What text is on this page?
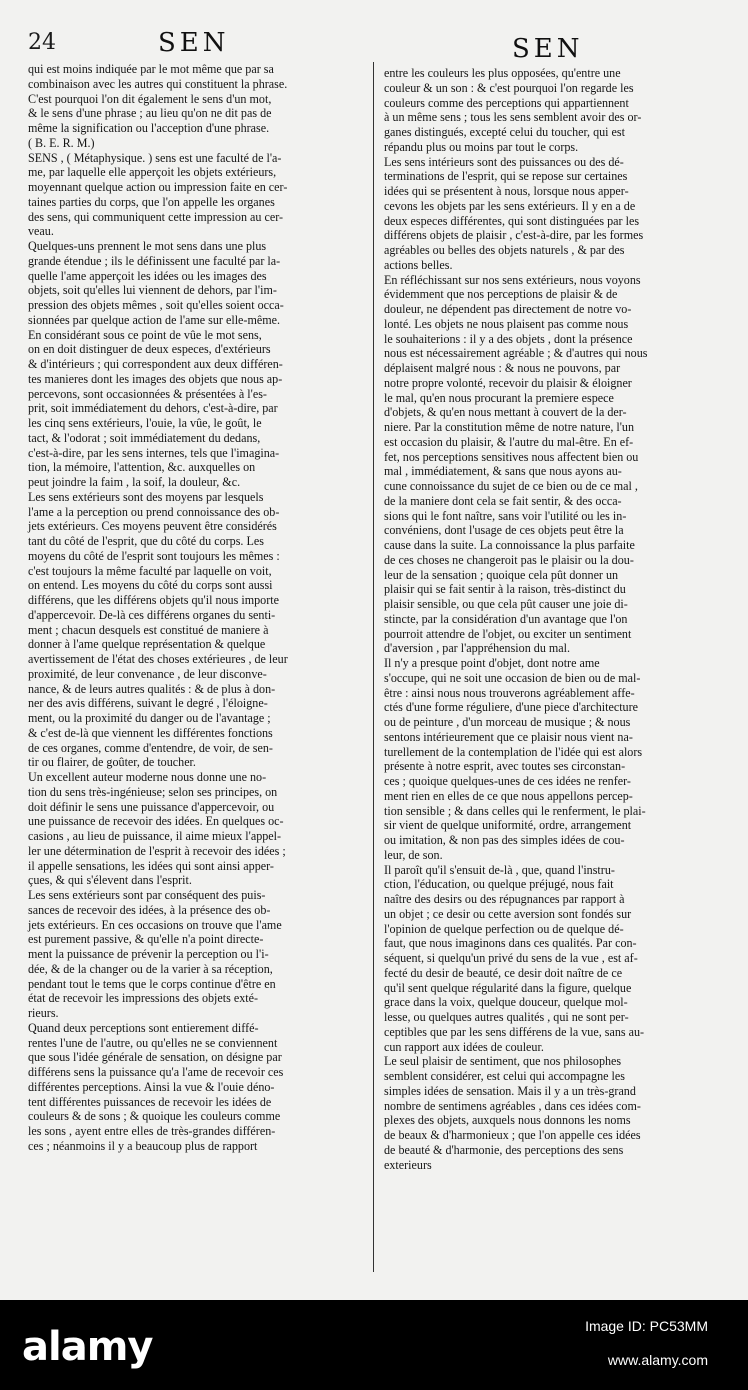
24	SEN	SEN
qui est moins indiquée par le mot même que par sa
combinaison avec les autres qui constituent la phrase.
C'est pourquoi l'on dit également le sens d'un mot,
& le sens d'une phrase ; au lieu qu'on ne dit pas de
même la signification ou l'acception d'une phrase.
( B. E. R. M.)
SENS , ( Métaphysique. ) sens est une faculté de l'a-
me, par laquelle elle apperçoit les objets extérieurs,
moyennant quelque action ou impression faite en cer-
taines parties du corps, que l'on appelle les organes
des sens, qui communiquent cette impression au cer-
veau.
Quelques-uns prennent le mot sens dans une plus
grande étendue ; ils le définissent une faculté par la-
quelle l'ame apperçoit les idées ou les images des
objets, soit qu'elles lui viennent de dehors, par l'im-
pression des objets mêmes , soit qu'elles soient occa-
sionnées par quelque action de l'ame sur elle-même.
En considérant sous ce point de vûe le mot sens,
on en doit distinguer de deux especes, d'extérieurs
& d'intérieurs ; qui correspondent aux deux différen-
tes manieres dont les images des objets que nous ap-
percevons, sont occasionnées & présentées à l'es-
prit, soit immédiatement du dehors, c'est-à-dire, par
les cinq sens extérieurs, l'ouie, la vûe, le goût, le
tact, & l'odorat ; soit immédiatement du dedans,
c'est-à-dire, par les sens internes, tels que l'imagina-
tion, la mémoire, l'attention, &c. auxquelles on
peut joindre la faim , la soif, la douleur, &c.
Les sens extérieurs sont des moyens par lesquels
l'ame a la perception ou prend connoissance des ob-
jets extérieurs. Ces moyens peuvent être considérés
tant du côté de l'esprit, que du côté du corps. Les
moyens du côté de l'esprit sont toujours les mêmes :
c'est toujours la même faculté par laquelle on voit,
on entend. Les moyens du côté du corps sont aussi
différens, que les différens objets qu'il nous importe
d'appercevoir. De-là ces différens organes du senti-
ment ; chacun desquels est constitué de maniere à
donner à l'ame quelque représentation & quelque
avertissement de l'état des choses extérieures , de leur
proximité, de leur convenance , de leur disconve-
nance, & de leurs autres qualités : & de plus à don-
ner des avis différens, suivant le degré , l'éloigne-
ment, ou la proximité du danger ou de l'avantage ;
& c'est de-là que viennent les différentes fonctions
de ces organes, comme d'entendre, de voir, de sen-
tir ou flairer, de goûter, de toucher.
Un excellent auteur moderne nous donne une no-
tion du sens très-ingénieuse; selon ses principes, on
doit définir le sens une puissance d'appercevoir, ou
une puissance de recevoir des idées. En quelques oc-
casions , au lieu de puissance, il aime mieux l'appel-
ler une détermination de l'esprit à recevoir des idées ;
il appelle sensations, les idées qui sont ainsi apper-
çues, & qui s'élevent dans l'esprit.
Les sens extérieurs sont par conséquent des puis-
sances de recevoir des idées, à la présence des ob-
jets extérieurs. En ces occasions on trouve que l'ame
est purement passive, & qu'elle n'a point directe-
ment la puissance de prévenir la perception ou l'i-
dée, & de la changer ou de la varier à sa réception,
pendant tout le tems que le corps continue d'être en
état de recevoir les impressions des objets exté-
rieurs.
Quand deux perceptions sont entierement diffé-
rentes l'une de l'autre, ou qu'elles ne se conviennent
que sous l'idée générale de sensation, on désigne par
différens sens la puissance qu'a l'ame de recevoir ces
différentes perceptions. Ainsi la vue & l'ouie déno-
tent différentes puissances de recevoir les idées de
couleurs & de sons ; & quoique les couleurs comme
les sons , ayent entre elles de très-grandes différen-
ces ; néanmoins il y a beaucoup plus de rapport
entre les couleurs les plus opposées, qu'entre une
couleur & un son : & c'est pourquoi l'on regarde les
couleurs comme des perceptions qui appartiennent
à un même sens ; tous les sens semblent avoir des or-
ganes distingués, excepté celui du toucher, qui est
répandu plus ou moins par tout le corps.
Les sens intérieurs sont des puissances ou des dé-
terminations de l'esprit, qui se repose sur certaines
idées qui se présentent à nous, lorsque nous apper-
cevons les objets par les sens extérieurs. Il y en a de
deux especes différentes, qui sont distinguées par les
différens objets de plaisir , c'est-à-dire, par les formes
agréables ou belles des objets naturels , & par des
actions belles.
En réfléchissant sur nos sens extérieurs, nous voyons
évidemment que nos perceptions de plaisir & de
douleur, ne dépendent pas directement de notre vo-
lonté. Les objets ne nous plaisent pas comme nous
le souhaiterions : il y a des objets , dont la présence
nous est nécessairement agréable ; & d'autres qui nous
déplaisent malgré nous : & nous ne pouvons, par
notre propre volonté, recevoir du plaisir & éloigner
le mal, qu'en nous procurant la premiere espece
d'objets, & qu'en nous mettant à couvert de la der-
niere. Par la constitution même de notre nature, l'un
est occasion du plaisir, & l'autre du mal-être. En ef-
fet, nos perceptions sensitives nous affectent bien ou
mal , immédiatement, & sans que nous ayons au-
cune connoissance du sujet de ce bien ou de ce mal ,
de la maniere dont cela se fait sentir, & des occa-
sions qui le font naître, sans voir l'utilité ou les in-
convéniens, dont l'usage de ces objets peut être la
cause dans la suite. La connoissance la plus parfaite
de ces choses ne changeroit pas le plaisir ou la dou-
leur de la sensation ; quoique cela pût donner un
plaisir qui se fait sentir à la raison, très-distinct du
plaisir sensible, ou que cela pût causer une joie di-
stincte, par la considération d'un avantage que l'on
pourroit attendre de l'objet, ou exciter un sentiment
d'aversion , par l'appréhension du mal.
Il n'y a presque point d'objet, dont notre ame
s'occupe, qui ne soit une occasion de bien ou de mal-
être : ainsi nous nous trouverons agréablement affe-
ctés d'une forme réguliere, d'une piece d'architecture
ou de peinture , d'un morceau de musique ; & nous
sentons intérieurement que ce plaisir nous vient na-
turellement de la contemplation de l'idée qui est alors
présente à notre esprit, avec toutes ses circonstan-
ces ; quoique quelques-unes de ces idées ne renfer-
ment rien en elles de ce que nous appellons percep-
tion sensible ; & dans celles qui le renferment, le plai-
sir vient de quelque uniformité, ordre, arrangement
ou imitation, & non pas des simples idées de cou-
leur, de son.
Il paroît qu'il s'ensuit de-là , que, quand l'instru-
ction, l'éducation, ou quelque préjugé, nous fait
naître des desirs ou des répugnances par rapport à
un objet ; ce desir ou cette aversion sont fondés sur
l'opinion de quelque perfection ou de quelque dé-
faut, que nous imaginons dans ces qualités. Par con-
séquent, si quelqu'un privé du sens de la vue , est af-
fecté du desir de beauté, ce desir doit naître de ce
qu'il sent quelque régularité dans la figure, quelque
grace dans la voix, quelque douceur, quelque mol-
lesse, ou quelques autres qualités , qui ne sont per-
ceptibles que par les sens différens de la vue, sans au-
cun rapport aux idées de couleur.
Le seul plaisir de sentiment, que nos philosophes
semblent considérer, est celui qui accompagne les
simples idées de sensation. Mais il y a un très-grand
nombre de sentimens agréables , dans ces idées com-
plexes des objets, auxquels nous donnons les noms
de beaux & d'harmonieux ; que l'on appelle ces idées
de beauté & d'harmonie, des perceptions des sens
exterieurs
alamy	Image ID: PC53MM
www.alamy.com
